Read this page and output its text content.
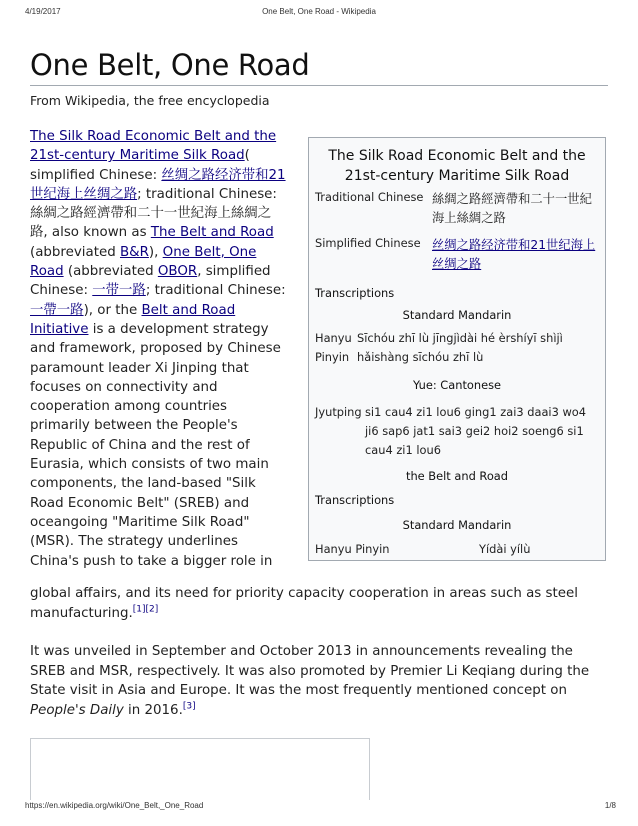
4/19/2017	One Belt, One Road - Wikipedia
One Belt, One Road
From Wikipedia, the free encyclopedia
The Silk Road Economic Belt and the 21st-century Maritime Silk Road( simplified Chinese: 丝绸之路经济带和21世纪海上丝绸之路; traditional Chinese: 絲綢之路經濟帶和二十一世紀海上絲綢之路, also known as The Belt and Road (abbreviated B&R), One Belt, One Road (abbreviated OBOR, simplified Chinese: 一带一路; traditional Chinese: 一帶一路), or the Belt and Road Initiative is a development strategy and framework, proposed by Chinese paramount leader Xi Jinping that focuses on connectivity and cooperation among countries primarily between the People's Republic of China and the rest of Eurasia, which consists of two main components, the land-based "Silk Road Economic Belt" (SREB) and oceangoing "Maritime Silk Road" (MSR). The strategy underlines China's push to take a bigger role in
global affairs, and its need for priority capacity cooperation in areas such as steel manufacturing.[1][2]
It was unveiled in September and October 2013 in announcements revealing the SREB and MSR, respectively. It was also promoted by Premier Li Keqiang during the State visit in Asia and Europe. It was the most frequently mentioned concept on People's Daily in 2016.[3]
The Silk Road Economic Belt and the 21st-century Maritime Silk Road
Traditional Chinese 絲綢之路經濟帶和二十一世紀海上絲綢之路
Simplified Chinese 丝绸之路经济带和21世纪海上丝绸之路
Transcriptions
Standard Mandarin
Hanyu
Pinyin
Sīchóu zhī lù jīngjìdài hé èrshíyī shìjì hǎishàng sīchóu zhī lù
Yue: Cantonese
Jyutping si1 cau4 zi1 lou6 ging1 zai3 daai3 wo4 ji6 sap6 jat1 sai3 gei2 hoi2 soeng6 si1 cau4 zi1 lou6
the Belt and Road
Transcriptions
Standard Mandarin
Hanyu Pinyin	Yídài yílù
https://en.wikipedia.org/wiki/One_Belt,_One_Road	1/8
